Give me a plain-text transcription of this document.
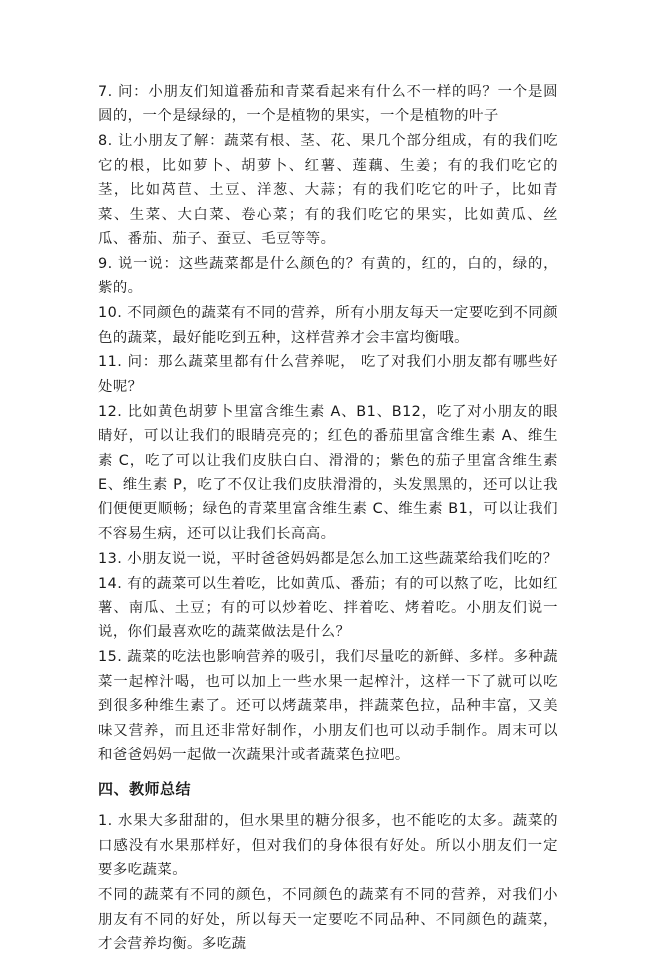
7. 问：小朋友们知道番茄和青菜看起来有什么不一样的吗？一个是圆圆的，一个是绿绿的，一个是植物的果实，一个是植物的叶子

8. 让小朋友了解：蔬菜有根、茎、花、果几个部分组成，有的我们吃它的根，比如萝卜、胡萝卜、红薯、莲藕、生姜；有的我们吃它的茎，比如莴苣、土豆、洋葱、大蒜；有的我们吃它的叶子，比如青菜、生菜、大白菜、卷心菜；有的我们吃它的果实，比如黄瓜、丝瓜、番茄、茄子、蚕豆、毛豆等等。

9. 说一说：这些蔬菜都是什么颜色的？有黄的，红的，白的，绿的，紫的。

10. 不同颜色的蔬菜有不同的营养，所有小朋友每天一定要吃到不同颜色的蔬菜，最好能吃到五种，这样营养才会丰富均衡哦。

11. 问：那么蔬菜里都有什么营养呢， 吃了对我们小朋友都有哪些好处呢？

12. 比如黄色胡萝卜里富含维生素 A、B1、B12，吃了对小朋友的眼睛好，可以让我们的眼睛亮亮的；红色的番茄里富含维生素 A、维生素 C，吃了可以让我们皮肤白白、滑滑的；紫色的茄子里富含维生素 E、维生素 P，吃了不仅让我们皮肤滑滑的，头发黑黑的，还可以让我们便便更顺畅；绿色的青菜里富含维生素 C、维生素 B1，可以让我们不容易生病，还可以让我们长高高。

13. 小朋友说一说，平时爸爸妈妈都是怎么加工这些蔬菜给我们吃的？

14. 有的蔬菜可以生着吃，比如黄瓜、番茄；有的可以熬了吃，比如红薯、南瓜、土豆；有的可以炒着吃、拌着吃、烤着吃。小朋友们说一说，你们最喜欢吃的蔬菜做法是什么？

15. 蔬菜的吃法也影响营养的吸引，我们尽量吃的新鲜、多样。多种蔬菜一起榨汁喝，也可以加上一些水果一起榨汁，这样一下了就可以吃到很多种维生素了。还可以烤蔬菜串，拌蔬菜色拉，品种丰富，又美味又营养，而且还非常好制作，小朋友们也可以动手制作。周末可以和爸爸妈妈一起做一次蔬果汁或者蔬菜色拉吧。

四、教师总结

1. 水果大多甜甜的，但水果里的糖分很多，也不能吃的太多。蔬菜的口感没有水果那样好，但对我们的身体很有好处。所以小朋友们一定要多吃蔬菜。

不同的蔬菜有不同的颜色，不同颜色的蔬菜有不同的营养，对我们小朋友有不同的好处，所以每天一定要吃不同品种、不同颜色的蔬菜，才会营养均衡。多吃蔬
